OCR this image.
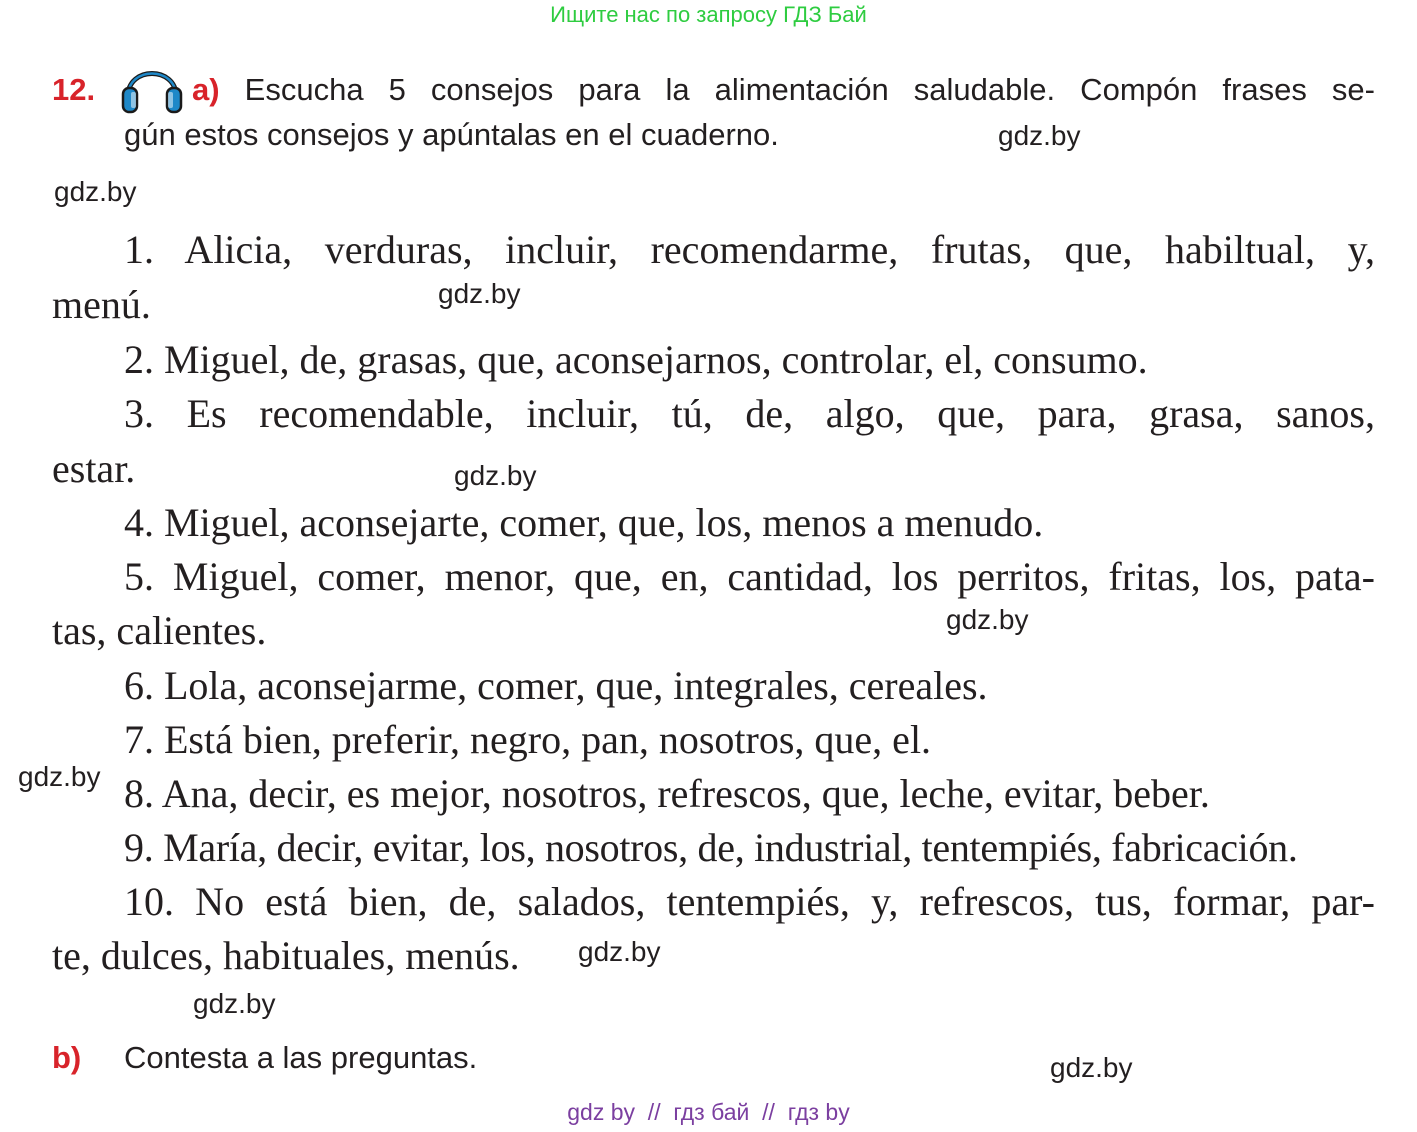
Ищите нас по запросу ГДЗ Бай
12.	a) Escucha 5 consejos para la alimentación saludable. Compón frases se-
gún estos consejos y apúntalas en el cuaderno.
1. Alicia, verduras, incluir, recomendarme, frutas, que, habiltual, y,
menú.
2. Miguel, de, grasas, que, aconsejarnos, controlar, el, consumo.
3. Es recomendable, incluir, tú, de, algo, que, para, grasa, sanos,
estar.
4. Miguel, aconsejarte, comer, que, los, menos a menudo.
5. Miguel, comer, menor, que, en, cantidad, los perritos, fritas, los, pata-
tas, calientes.
6. Lola, aconsejarme, comer, que, integrales, cereales.
7. Está bien, preferir, negro, pan, nosotros, que, el.
8. Ana, decir, es mejor, nosotros, refrescos, que, leche, evitar, beber.
9. María, decir, evitar, los, nosotros, de, industrial, tentempiés, fabricación.
10. No está bien, de, salados, tentempiés, y, refrescos, tus, formar, par-
te, dulces, habituales, menús.
b) Contesta a las preguntas.
gdz.by
gdz.by
gdz.by
gdz.by
gdz.by
gdz.by
gdz.by
gdz.by
gdz.by
gdz by  //  гдз бай  //  гдз by
